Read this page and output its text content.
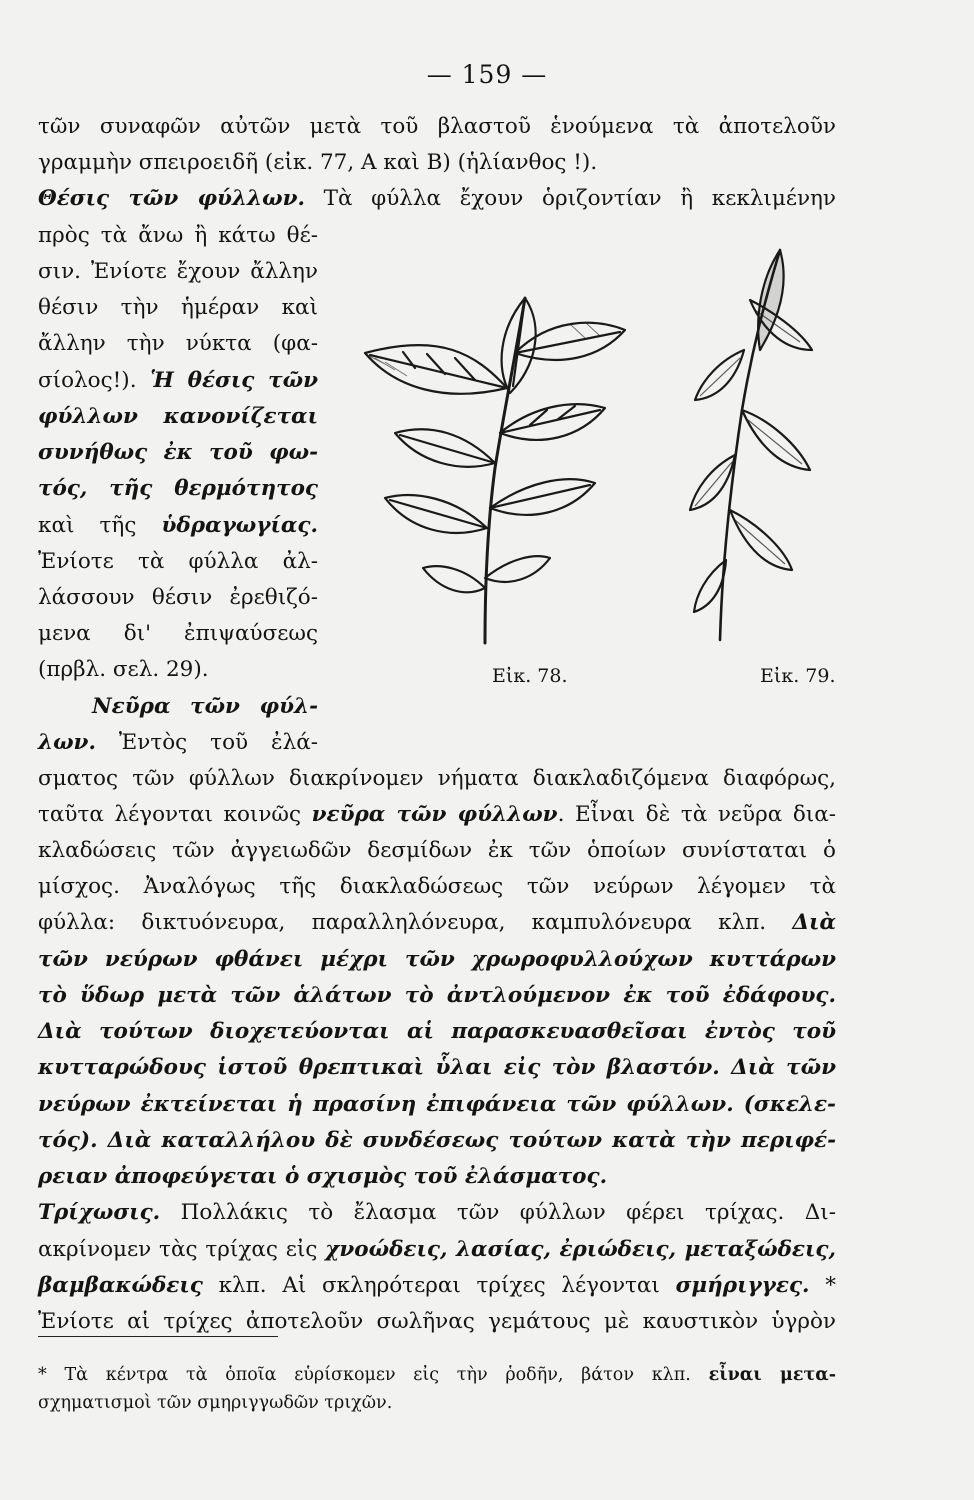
— 159 —
τῶν συναφῶν αὐτῶν μετὰ τοῦ βλαστοῦ ἑνούμενα τὰ ἀποτελοῦν
γραμμὴν σπειροειδῆ (εἰκ. 77, Α καὶ Β) (ἡλίανθος !).
Θέσις τῶν φύλλων. Τὰ φύλλα ἔχουν ὁριζοντίαν ἢ κεκλιμένην
πρὸς τὰ ἄνω ἢ κάτω θέ-
σιν. Ἐνίοτε ἔχουν ἄλλην
θέσιν τὴν ἡμέραν καὶ
ἄλλην τὴν νύκτα (φα-
σίολος!). Ἡ θέσις τῶν
φύλλων κανονίζεται
συνήθως ἐκ τοῦ φω-
τός, τῆς θερμότητος
καὶ τῆς ὑδραγωγίας.
Ἐνίοτε τὰ φύλλα ἀλ-
λάσσουν θέσιν ἐρεθιζό-
μενα δι' ἐπιψαύσεως
(πρβλ. σελ. 29).
Νεῦρα τῶν φύλ-
λων. Ἐντὸς τοῦ ἐλά-
Εἰκ. 78.	Εἰκ. 79.
σματος τῶν φύλλων διακρίνομεν νήματα διακλαδιζόμενα διαφόρως,
ταῦτα λέγονται κοινῶς νεῦρα τῶν φύλλων. Εἶναι δὲ τὰ νεῦρα δια-
κλαδώσεις τῶν ἀγγειωδῶν δεσμίδων ἐκ τῶν ὁποίων συνίσταται ὁ
μίσχος. Ἀναλόγως τῆς διακλαδώσεως τῶν νεύρων λέγομεν τὰ
φύλλα: δικτυόνευρα, παραλληλόνευρα, καμπυλόνευρα κλπ. Διὰ
τῶν νεύρων φθάνει μέχρι τῶν χρωροφυλλούχων κυττάρων
τὸ ὕδωρ μετὰ τῶν ἁλάτων τὸ ἀντλούμενον ἐκ τοῦ ἐδάφους.
Διὰ τούτων διοχετεύονται αἱ παρασκευασθεῖσαι ἐντὸς τοῦ
κυτταρώδους ἱστοῦ θρεπτικαὶ ὗλαι εἰς τὸν βλαστόν. Διὰ τῶν
νεύρων ἐκτείνεται ἡ πρασίνη ἐπιφάνεια τῶν φύλλων. (σκελε-
τός). Διὰ καταλλήλου δὲ συνδέσεως τούτων κατὰ τὴν περιφέ-
ρειαν ἀποφεύγεται ὁ σχισμὸς τοῦ ἐλάσματος.
Τρίχωσις. Πολλάκις τὸ ἔλασμα τῶν φύλλων φέρει τρίχας. Δι-
ακρίνομεν τὰς τρίχας εἰς χνοώδεις, λασίας, ἐριώδεις, μεταξώδεις,
βαμβακώδεις κλπ. Αἱ σκληρότεραι τρίχες λέγονται σμήριγγες. *
Ἐνίοτε αἱ τρίχες ἀποτελοῦν σωλῆνας γεμάτους μὲ καυστικὸν ὑγρὸν
* Τὰ κέντρα τὰ ὁποῖα εὑρίσκομεν εἰς τὴν ῥοδῆν, βάτον κλπ. εἶναι μετα-
σχηματισμοὶ τῶν σμηριγγωδῶν τριχῶν.
